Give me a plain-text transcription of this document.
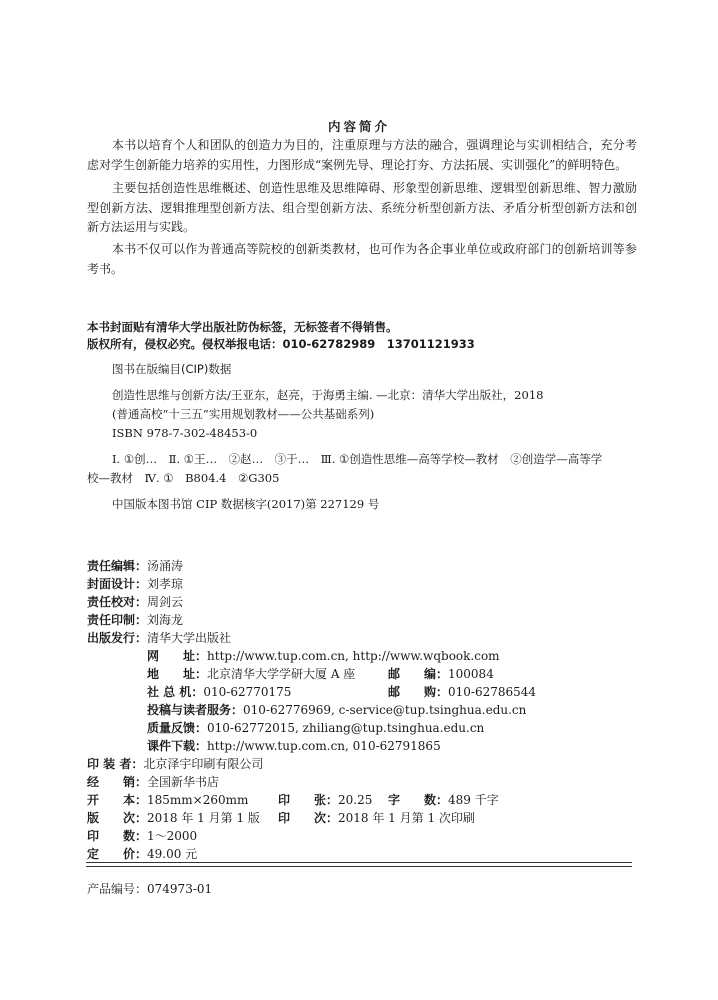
内容简介
本书以培育个人和团队的创造力为目的，注重原理与方法的融合，强调理论与实训相结合，充分考虑对学生创新能力培养的实用性，力图形成“案例先导、理论打夯、方法拓展、实训强化”的鲜明特色。
主要包括创造性思维概述、创造性思维及思维障碍、形象型创新思维、逻辑型创新思维、智力激励型创新方法、逻辑推理型创新方法、组合型创新方法、系统分析型创新方法、矛盾分析型创新方法和创新方法运用与实践。
本书不仅可以作为普通高等院校的创新类教材，也可作为各企事业单位或政府部门的创新培训等参考书。
本书封面贴有清华大学出版社防伪标签，无标签者不得销售。
版权所有，侵权必究。侵权举报电话：010-62782989　13701121933
图书在版编目(CIP)数据
创造性思维与创新方法/王亚东，赵亮，于海勇主编. —北京：清华大学出版社，2018
(普通高校“十三五”实用规划教材——公共基础系列)
ISBN 978-7-302-48453-0
Ⅰ. ①创…　Ⅱ. ①王…　②赵…　③于…　Ⅲ. ①创造性思维—高等学校—教材　②创造学—高等学
校—教材　Ⅳ. ①　B804.4　②G305
中国版本图书馆 CIP 数据核字(2017)第 227129 号
责任编辑：汤涌涛
封面设计：刘孝琼
责任校对：周剑云
责任印制：刘海龙
出版发行：清华大学出版社
网　　址：http://www.tup.com.cn, http://www.wqbook.com
地　　址：北京清华大学学研大厦 A 座	邮　　编：100084
社 总 机：010-62770175	邮　　购：010-62786544
投稿与读者服务：010-62776969, c-service@tup.tsinghua.edu.cn
质量反馈：010-62772015, zhiliang@tup.tsinghua.edu.cn
课件下载：http://www.tup.com.cn, 010-62791865
印 装 者：北京泽宇印刷有限公司
经　　销：全国新华书店
开　　本：185mm×260mm 印　　张：20.25 字　　数：489 千字
版　　次：2018 年 1 月第 1 版 印　　次：2018 年 1 月第 1 次印刷
印　　数：1～2000
定　　价：49.00 元
产品编号：074973-01
